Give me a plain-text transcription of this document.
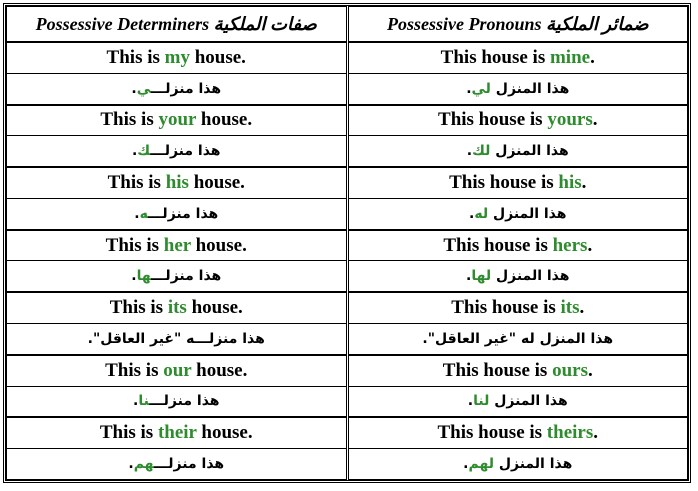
Possessive Determiners صفات الملكية	Possessive Pronouns ضمائر الملكية
This is my house.	This house is mine.
هذا منزلـــي.	هذا المنزل لي.
This is your house.	This house is yours.
هذا منزلـــك.	هذا المنزل لك.
This is his house.	This house is his.
هذا منزلـــه.	هذا المنزل له.
This is her house.	This house is hers.
هذا منزلـــها.	هذا المنزل لها.
This is its house.	This house is its.
هذا منزلـــه "غير العاقل".	هذا المنزل له "غير العاقل".
This is our house.	This house is ours.
هذا منزلـــنا.	هذا المنزل لنا.
This is their house.	This house is theirs.
هذا منزلـــهم.	هذا المنزل لهم.
